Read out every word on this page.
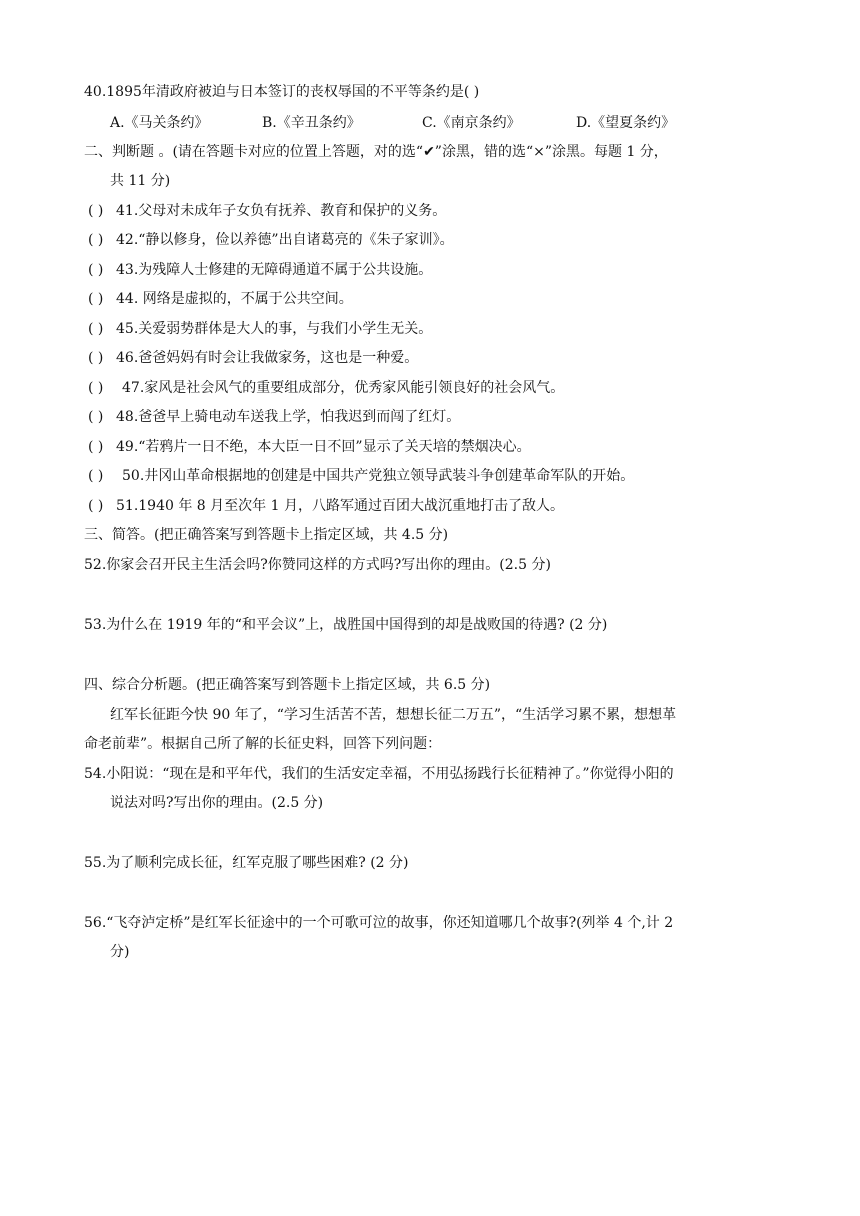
40.1895年清政府被迫与日本签订的丧权辱国的不平等条约是( )
A.《马关条约》	B.《辛丑条约》	C.《南京条约》	D.《望夏条约》
二、判断题 。(请在答题卡对应的位置上答题，对的选“✔”涂黑，错的选“×”涂黑。每题 1 分，
共 11 分)
( ) 41.父母对未成年子女负有抚养、教育和保护的义务。
( ) 42.“静以修身，俭以养德”出自诸葛亮的《朱子家训》。
( ) 43.为残障人士修建的无障碍通道不属于公共设施。
( ) 44. 网络是虚拟的，不属于公共空间。
( ) 45.关爱弱势群体是大人的事，与我们小学生无关。
( ) 46.爸爸妈妈有时会让我做家务，这也是一种爱。
( ) 47.家风是社会风气的重要组成部分，优秀家风能引领良好的社会风气。
( ) 48.爸爸早上骑电动车送我上学，怕我迟到而闯了红灯。
( ) 49.“若鸦片一日不绝，本大臣一日不回”显示了关天培的禁烟决心。
( ) 50.井冈山革命根据地的创建是中国共产党独立领导武装斗争创建革命军队的开始。
( ) 51.1940 年 8 月至次年 1 月，八路军通过百团大战沉重地打击了敌人。
三、简答。(把正确答案写到答题卡上指定区域，共 4.5 分)
52.你家会召开民主生活会吗?你赞同这样的方式吗?写出你的理由。(2.5 分)
53.为什么在 1919 年的“和平会议”上，战胜国中国得到的却是战败国的待遇? (2 分)
四、综合分析题。(把正确答案写到答题卡上指定区域，共 6.5 分)
红军长征距今快 90 年了，“学习生活苦不苦，想想长征二万五”，“生活学习累不累，想想革
命老前辈”。根据自己所了解的长征史料，回答下列问题：
54.小阳说：“现在是和平年代，我们的生活安定幸福，不用弘扬践行长征精神了。”你觉得小阳的
说法对吗?写出你的理由。(2.5 分)
55.为了顺利完成长征，红军克服了哪些困难? (2 分)
56.“飞夺泸定桥”是红军长征途中的一个可歌可泣的故事，你还知道哪几个故事?(列举 4 个,计 2
分)
